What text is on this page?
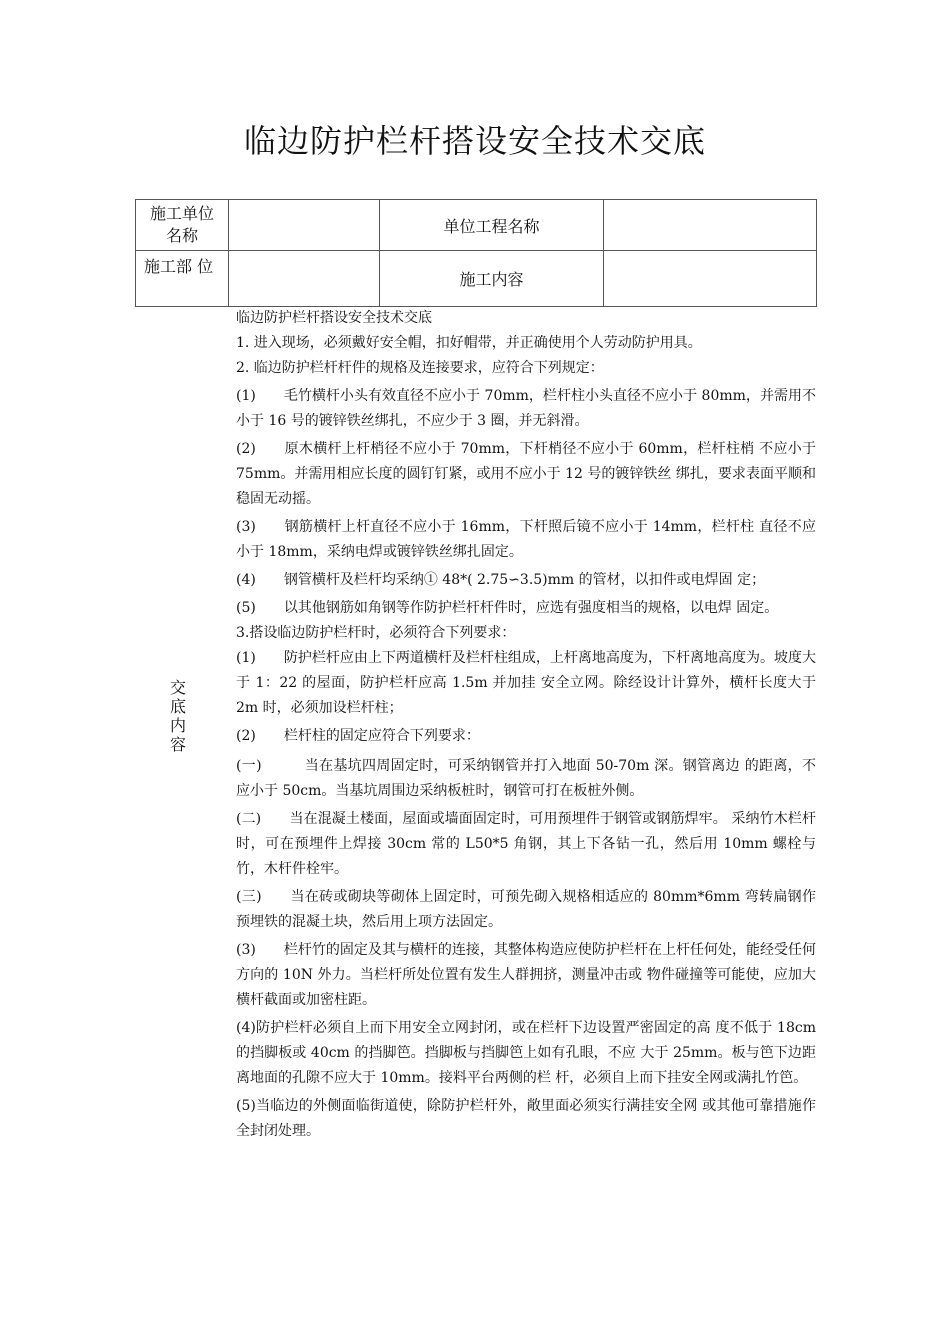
临边防护栏杆搭设安全技术交底
施工单位名称		单位工程名称	
施工部 位		施工内容	
交底内容

临边防护栏杆搭设安全技术交底

1. 进入现场，必须戴好安全帽，扣好帽带，并正确使用个人劳动防护用具。

2. 临边防护栏杆杆件的规格及连接要求，应符合下列规定：

(1)　　毛竹横杆小头有效直径不应小于 70mm，栏杆柱小头直径不应小于 80mm，并需用不小于 16 号的镀锌铁丝绑扎，不应少于 3 圈，并无斜滑。

(2)　　原木横杆上杆梢径不应小于 70mm，下杆梢径不应小于 60mm，栏杆柱梢 不应小于 75mm。并需用相应长度的圆钉钉紧，或用不应小于 12 号的镀锌铁丝 绑扎，要求表面平顺和稳固无动摇。

(3)　　钢筋横杆上杆直径不应小于 16mm，下杆照后镜不应小于 14mm，栏杆柱 直径不应小于 18mm，采纳电焊或镀锌铁丝绑扎固定。

(4)　　钢管横杆及栏杆均采纳① 48*( 2.75∽3.5)mm 的管材，以扣件或电焊固 定；

(5)　　以其他钢筋如角钢等作防护栏杆杆件时，应选有强度相当的规格，以电焊 固定。

3.搭设临边防护栏杆时，必须符合下列要求：

(1)　　防护栏杆应由上下两道横杆及栏杆柱组成，上杆离地高度为，下杆离地高度为。坡度大于 1：22 的屋面，防护栏杆应高 1.5m 并加挂 安全立网。除经设计计算外，横杆长度大于 2m 时，必须加设栏杆柱；

(2)　　栏杆柱的固定应符合下列要求：

(一)　　　当在基坑四周固定时，可采纳钢管并打入地面 50-70m 深。钢管离边 的距离，不应小于 50cm。当基坑周围边采纳板桩时，钢管可打在板桩外侧。

(二)　　当在混凝土楼面，屋面或墙面固定时，可用预埋件于钢管或钢筋焊牢。 采纳竹木栏杆时，可在预埋件上焊接 30cm 常的 L50*5 角钢，其上下各钻一孔，然后用 10mm 螺栓与竹，木杆件栓牢。

(三)　　当在砖或砌块等砌体上固定时，可预先砌入规格相适应的 80mm*6mm 弯转扁钢作预埋铁的混凝土块，然后用上项方法固定。

(3)　　栏杆竹的固定及其与横杆的连接，其整体构造应使防护栏杆在上杆任何处，能经受任何方向的 10N 外力。当栏杆所处位置有发生人群拥挤，测量冲击或 物件碰撞等可能使，应加大横杆截面或加密柱距。

(4)防护栏杆必须自上而下用安全立网封闭，或在栏杆下边设置严密固定的高 度不低于 18cm 的挡脚板或 40cm 的挡脚笆。挡脚板与挡脚笆上如有孔眼，不应 大于 25mm。板与笆下边距离地面的孔隙不应大于 10mm。接料平台两侧的栏 杆，必须自上而下挂安全网或满扎竹笆。

(5)当临边的外侧面临街道使，除防护栏杆外，敞里面必须实行满挂安全网 或其他可靠措施作全封闭处理。
